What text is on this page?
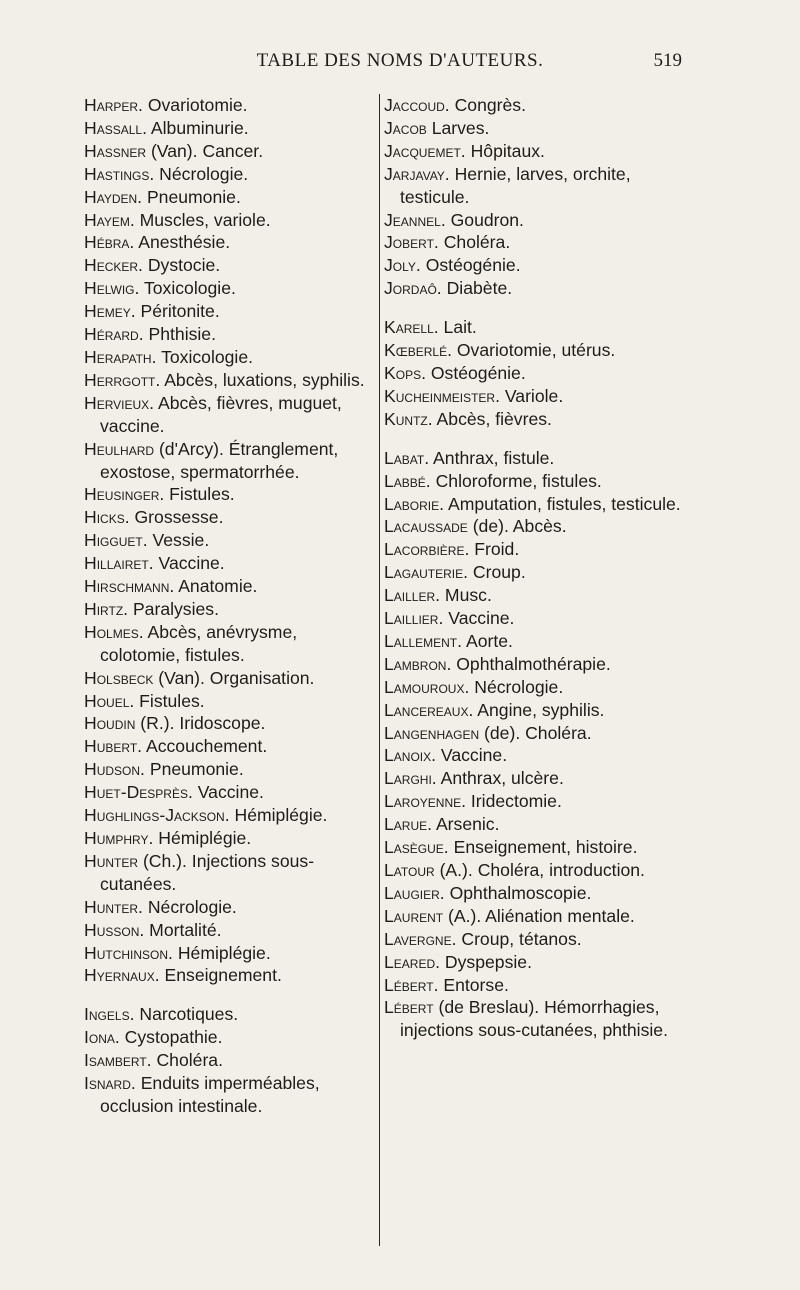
TABLE DES NOMS D'AUTEURS.	519

Harper. Ovariotomie.

Hassall. Albuminurie.

Hassner (Van). Cancer.

Hastings. Nécrologie.

Hayden. Pneumonie.

Hayem. Muscles, variole.

Hébra. Anesthésie.

Hecker. Dystocie.

Helwig. Toxicologie.

Hemey. Péritonite.

Hérard. Phthisie.

Herapath. Toxicologie.

Herrgott. Abcès, luxations, syphilis.

Hervieux. Abcès, fièvres, muguet, vaccine.

Heulhard (d'Arcy). Étranglement, exostose, spermatorrhée.

Heusinger. Fistules.

Hicks. Grossesse.

Higguet. Vessie.

Hillairet. Vaccine.

Hirschmann. Anatomie.

Hirtz. Paralysies.

Holmes. Abcès, anévrysme, colotomie, fistules.

Holsbeck (Van). Organisation.

Houel. Fistules.

Houdin (R.). Iridoscope.

Hubert. Accouchement.

Hudson. Pneumonie.

Huet-Desprès. Vaccine.

Hughlings-Jackson. Hémiplégie.

Humphry. Hémiplégie.

Hunter (Ch.). Injections sous-cutanées.

Hunter. Nécrologie.

Husson. Mortalité.

Hutchinson. Hémiplégie.

Hyernaux. Enseignement.

Ingels. Narcotiques.

Iona. Cystopathie.

Isambert. Choléra.

Isnard. Enduits imperméables, occlusion intestinale.

Jaccoud. Congrès.

Jacob Larves.

Jacquemet. Hôpitaux.

Jarjavay. Hernie, larves, orchite, testicule.

Jeannel. Goudron.

Jobert. Choléra.

Joly. Ostéogénie.

Jordaô. Diabète.

Karell. Lait.

Kœberlé. Ovariotomie, utérus.

Kops. Ostéogénie.

Kucheinmeister. Variole.

Kuntz. Abcès, fièvres.

Labat. Anthrax, fistule.

Labbé. Chloroforme, fistules.

Laborie. Amputation, fistules, testicule.

Lacaussade (de). Abcès.

Lacorbière. Froid.

Lagauterie. Croup.

Lailler. Musc.

Laillier. Vaccine.

Lallement. Aorte.

Lambron. Ophthalmothérapie.

Lamouroux. Nécrologie.

Lancereaux. Angine, syphilis.

Langenhagen (de). Choléra.

Lanoix. Vaccine.

Larghi. Anthrax, ulcère.

Laroyenne. Iridectomie.

Larue. Arsenic.

Lasègue. Enseignement, histoire.

Latour (A.). Choléra, introduction.

Laugier. Ophthalmoscopie.

Laurent (A.). Aliénation mentale.

Lavergne. Croup, tétanos.

Leared. Dyspepsie.

Lébert. Entorse.

Lébert (de Breslau). Hémorrhagies, injections sous-cutanées, phthisie.
